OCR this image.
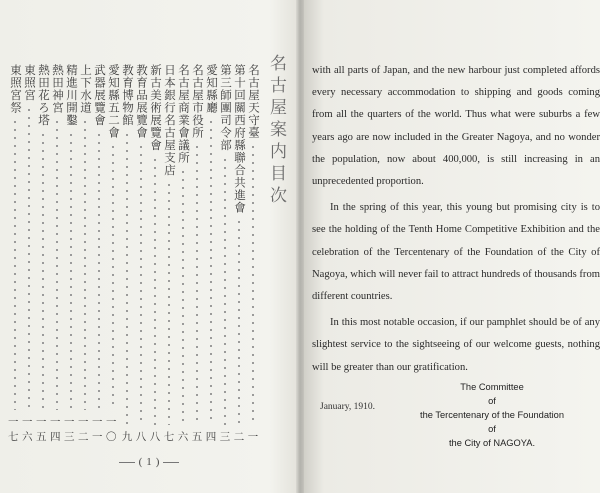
名古屋案内目次
名古屋天守臺
一
第十回關西府縣聯合共進會
二
第三師團司令部
三
愛知縣廳
四
名古屋市役所
五
名古屋商業會議所
六
日本銀行名古屋支店
七
新古美術展覽會
八
教育品展覽會
八
教育博物館
九
愛知縣五二會
一〇
武器展覽會
一一
上下水道
一二
精進川開鑿
一三
熱田神宮
一四
熱田花ろ塔
一五
東照宮
一六
東照宮祭
一七
( 1 )

with all parts of Japan, and the new harbour just completed affords every necessary accommodation to shipping and goods coming from all the quarters of the world. Thus what were suburbs a few years ago are now included in the Greater Nagoya, and no wonder the population, now about 400,000, is still increasing in an unprecedented proportion.

In the spring of this year, this young but promising city is to see the holding of the Tenth Home Competitive Exhibition and the celebration of the Tercentenary of the Foundation of the City of Nagoya, which will never fail to attract hundreds of thousands from different countries.

In this most notable occasion, if our pamphlet should be of any slightest service to the sightseeing of our welcome guests, nothing will be greater than our gratification.

January, 1910.
The Committee
of
the Tercentenary of the Foundation
of
the City of NAGOYA.
